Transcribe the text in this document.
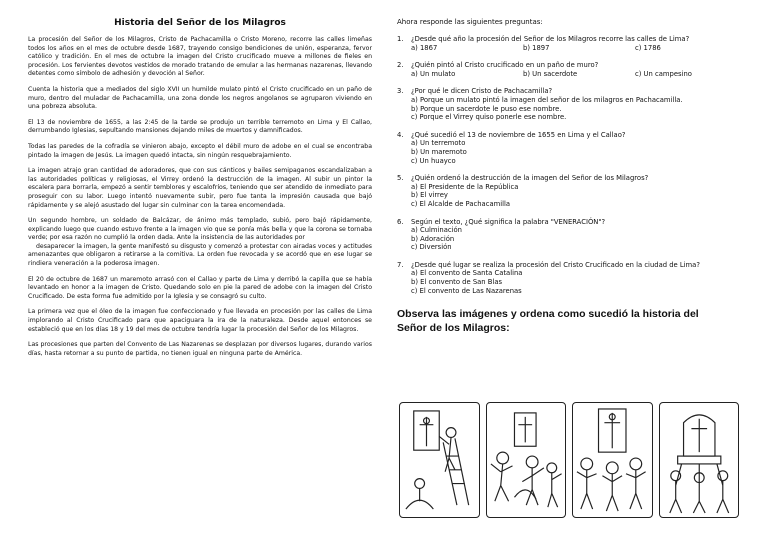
Historia del Señor de los Milagros

La procesión del Señor de los Milagros, Cristo de Pachacamilla o Cristo Moreno, recorre las calles limeñas todos los años en el mes de octubre desde 1687, trayendo consigo bendiciones de unión, esperanza, fervor católico y tradición. En el mes de octubre la imagen del Cristo crucificado mueve a millones de fieles en procesión. Los fervientes devotos vestidos de morado tratando de emular a las hermanas nazarenas, llevando detentes como símbolo de adhesión y devoción al Señor.

Cuenta la historia que a mediados del siglo XVII un humilde mulato pintó el Cristo crucificado en un paño de muro, dentro del muladar de Pachacamilla, una zona donde los negros angolanos se agruparon viviendo en una pobreza absoluta.

El 13 de noviembre de 1655, a las 2:45 de la tarde se produjo un terrible terremoto en Lima y El Callao, derrumbando Iglesias, sepultando mansiones dejando miles de muertos y damnificados.

Todas las paredes de la cofradía se vinieron abajo, excepto el débil muro de adobe en el cual se encontraba pintado la imagen de Jesús. La imagen quedó intacta, sin ningún resquebrajamiento.

La imagen atrajo gran cantidad de adoradores, que con sus cánticos y bailes semipaganos escandalizaban a las autoridades políticas y religiosas, el Virrey ordenó la destrucción de la imagen. Al subir un pintor la escalera para borrarla, empezó a sentir temblores y escalofríos, teniendo que ser atendido de inmediato para proseguir con su labor. Luego intentó nuevamente subir, pero fue tanta la impresión causada que bajó rápidamente y se alejó asustado del lugar sin culminar con la tarea encomendada.

Un segundo hombre, un soldado de Balcázar, de ánimo más templado, subió, pero bajó rápidamente, explicando luego que cuando estuvo frente a la imagen vio que se ponía más bella y que la corona se tornaba verde; por esa razón no cumplió la orden dada. Ante la insistencia de las autoridades por

desaparecer la imagen, la gente manifestó su disgusto y comenzó a protestar con airadas voces y actitudes amenazantes que obligaron a retirarse a la comitiva. La orden fue revocada y se acordó que en ese lugar se rindiera veneración a la poderosa imagen.

El 20 de octubre de 1687 un maremoto arrasó con el Callao y parte de Lima y derribó la capilla que se había levantado en honor a la imagen de Cristo. Quedando solo en pie la pared de adobe con la imagen del Cristo Crucificado. De esta forma fue admitido por la Iglesia y se consagró su culto.

La primera vez que el óleo de la imagen fue confeccionado y fue llevada en procesión por las calles de Lima implorando al Cristo Crucificado para que apaciguara la ira de la naturaleza. Desde aquel entonces se estableció que en los días 18 y 19 del mes de octubre tendría lugar la procesión del Señor de los Milagros.

Las procesiones que parten del Convento de Las Nazarenas se desplazan por diversos lugares, durando varios días, hasta retornar a su punto de partida, no tienen igual en ninguna parte de América.

Ahora responde las siguientes preguntas:
1.	¿Desde qué año la procesión del Señor de los Milagros recorre las calles de Lima?
a) 1867	b) 1897	c) 1786
2.	¿Quién pintó al Cristo crucificado en un paño de muro?
a) Un mulato	b) Un sacerdote	c) Un campesino
3.	¿Por qué le dicen Cristo de Pachacamilla?
a) Porque un mulato pintó la imagen del señor de los milagros en Pachacamilla.
b) Porque un sacerdote le puso ese nombre.
c) Porque el Virrey quiso ponerle ese nombre.
4.	¿Qué sucedió el 13 de noviembre de 1655 en Lima y el Callao?
a) Un terremoto
b) Un maremoto
c) Un huayco
5.	¿Quién ordenó la destrucción de la imagen del Señor de los Milagros?
a) El Presidente de la República
b) El virrey
c) El Alcalde de Pachacamilla
6.	Según el texto, ¿Qué significa la palabra "VENERACIÓN"?
a) Culminación
b) Adoración
c) Diversión
7.	¿Desde qué lugar se realiza la procesión del Cristo Crucificado en la ciudad de Lima?
a) El convento de Santa Catalina
b) El convento de San Blas
c) El convento de Las Nazarenas
Observa las imágenes y ordena como sucedió la historia del Señor de los Milagros:
